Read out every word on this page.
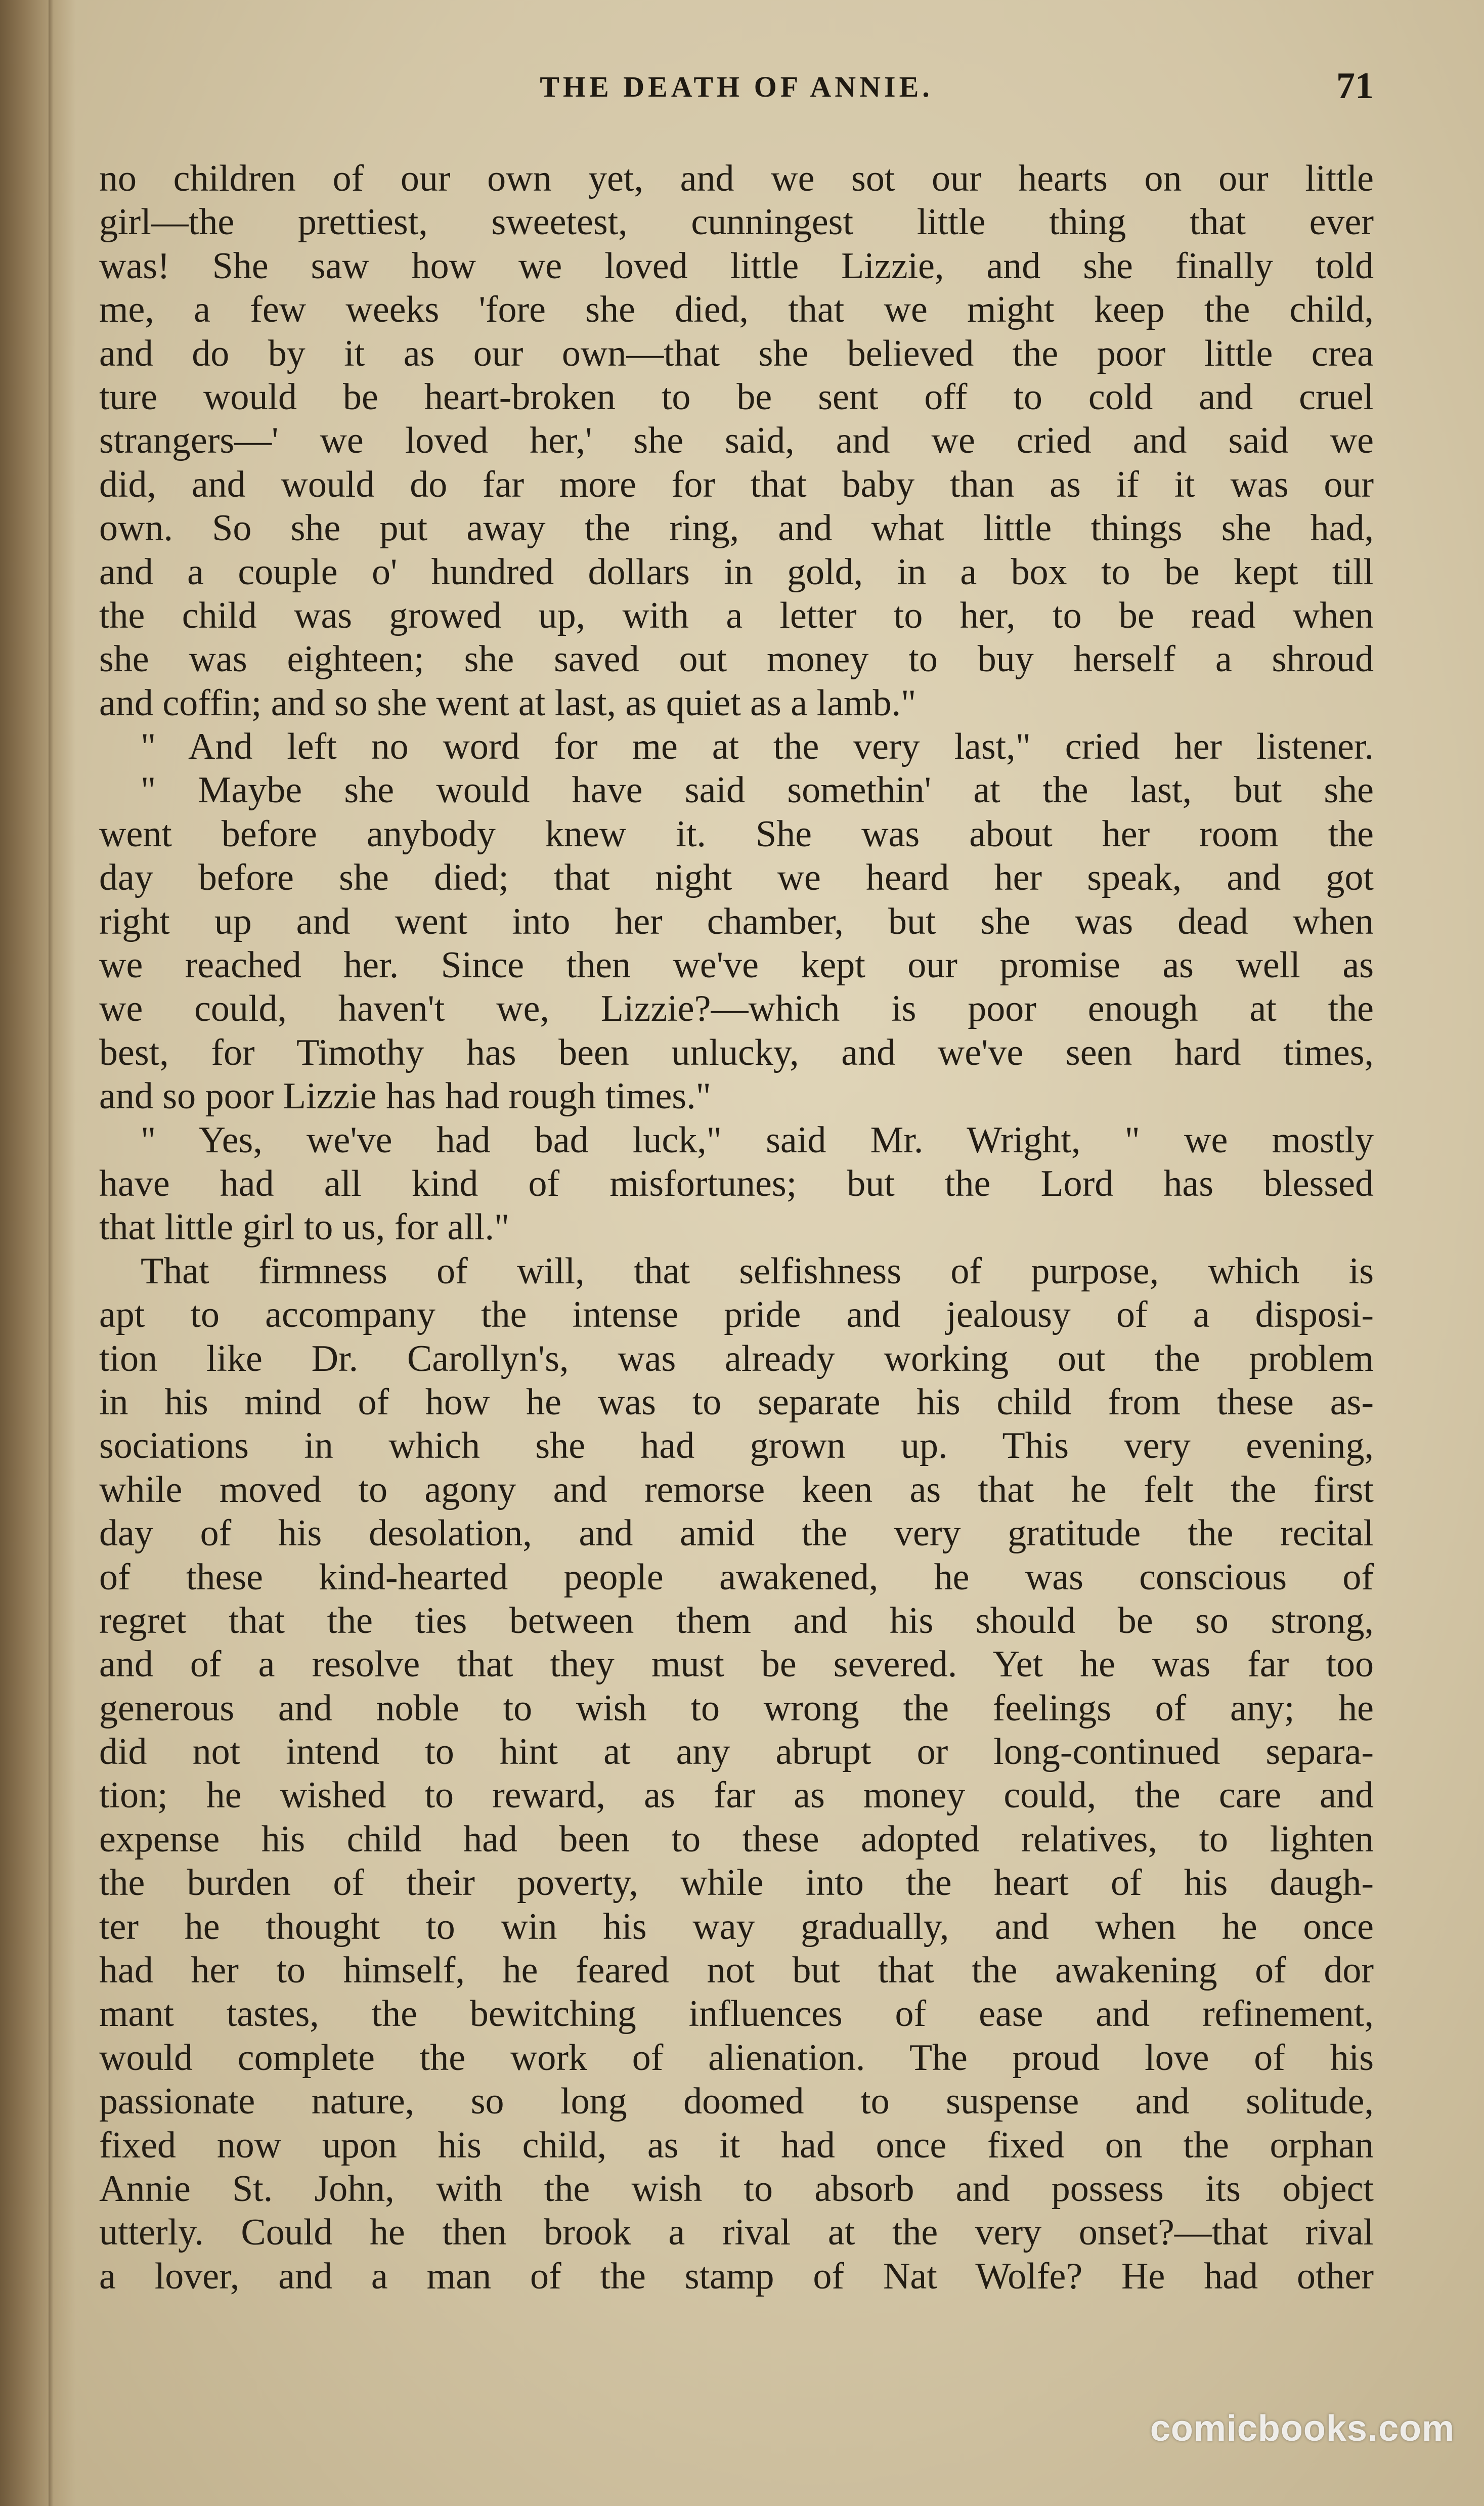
THE DEATH OF ANNIE.	71
no children of our own yet, and we sot our hearts on our little
girl—the prettiest, sweetest, cunningest little thing that ever
was! She saw how we loved little Lizzie, and she finally told
me, a few weeks 'fore she died, that we might keep the child,
and do by it as our own—that she believed the poor little crea
ture would be heart-broken to be sent off to cold and cruel
strangers—' we loved her,' she said, and we cried and said we
did, and would do far more for that baby than as if it was our
own. So she put away the ring, and what little things she had,
and a couple o' hundred dollars in gold, in a box to be kept till
the child was growed up, with a letter to her, to be read when
she was eighteen; she saved out money to buy herself a shroud
and coffin; and so she went at last, as quiet as a lamb."
" And left no word for me at the very last," cried her listener.
" Maybe she would have said somethin' at the last, but she
went before anybody knew it. She was about her room the
day before she died; that night we heard her speak, and got
right up and went into her chamber, but she was dead when
we reached her. Since then we've kept our promise as well as
we could, haven't we, Lizzie?—which is poor enough at the
best, for Timothy has been unlucky, and we've seen hard times,
and so poor Lizzie has had rough times."
" Yes, we've had bad luck," said Mr. Wright, " we mostly
have had all kind of misfortunes; but the Lord has blessed
that little girl to us, for all."
That firmness of will, that selfishness of purpose, which is
apt to accompany the intense pride and jealousy of a disposi-
tion like Dr. Carollyn's, was already working out the problem
in his mind of how he was to separate his child from these as-
sociations in which she had grown up. This very evening,
while moved to agony and remorse keen as that he felt the first
day of his desolation, and amid the very gratitude the recital
of these kind-hearted people awakened, he was conscious of
regret that the ties between them and his should be so strong,
and of a resolve that they must be severed. Yet he was far too
generous and noble to wish to wrong the feelings of any; he
did not intend to hint at any abrupt or long-continued separa-
tion; he wished to reward, as far as money could, the care and
expense his child had been to these adopted relatives, to lighten
the burden of their poverty, while into the heart of his daugh-
ter he thought to win his way gradually, and when he once
had her to himself, he feared not but that the awakening of dor
mant tastes, the bewitching influences of ease and refinement,
would complete the work of alienation. The proud love of his
passionate nature, so long doomed to suspense and solitude,
fixed now upon his child, as it had once fixed on the orphan
Annie St. John, with the wish to absorb and possess its object
utterly. Could he then brook a rival at the very onset?—that rival
a lover, and a man of the stamp of Nat Wolfe? He had other
comicbooks.com
